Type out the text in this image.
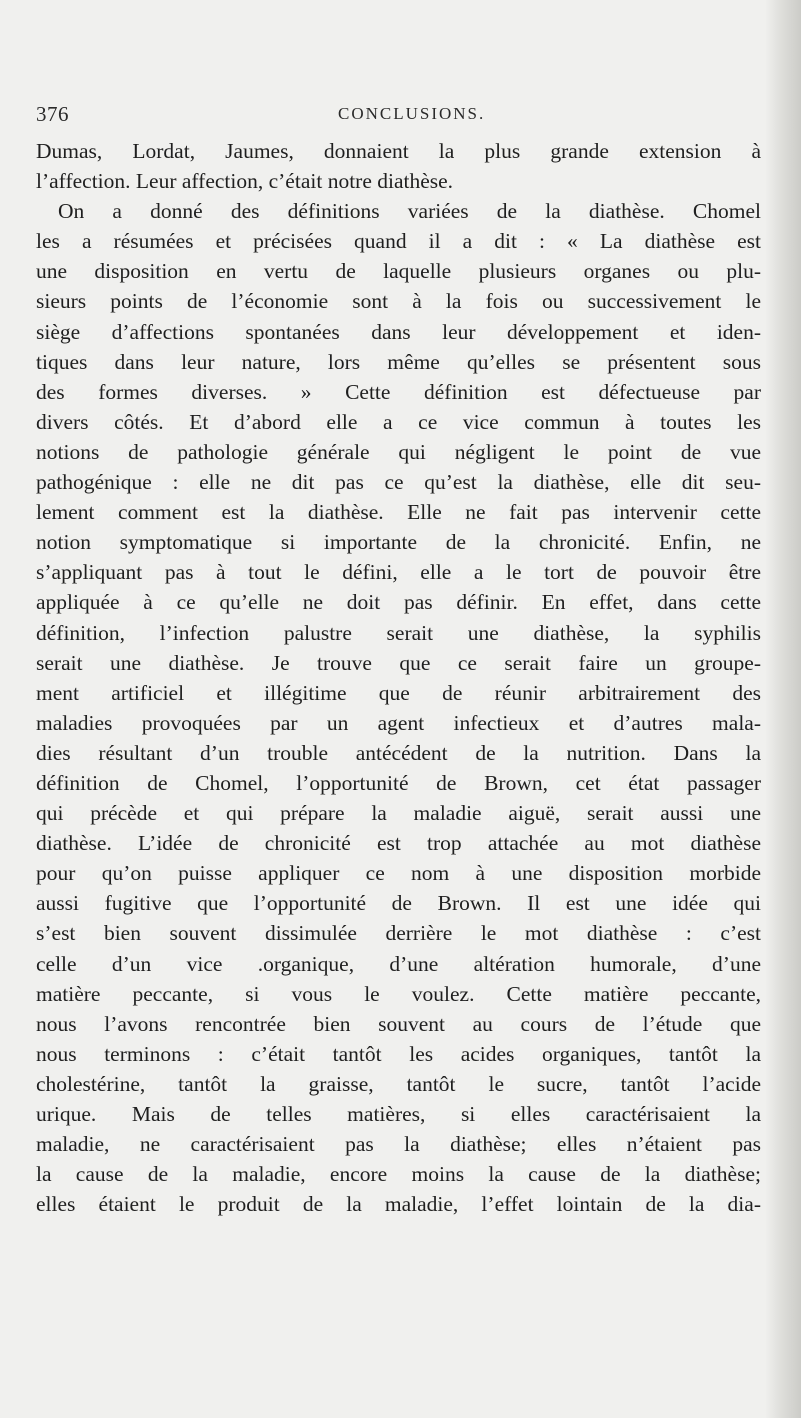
376	CONCLUSIONS.
Dumas, Lordat, Jaumes, donnaient la plus grande extension à
l’affection. Leur affection, c’était notre diathèse.
On a donné des définitions variées de la diathèse. Chomel
les a résumées et précisées quand il a dit : « La diathèse est
une disposition en vertu de laquelle plusieurs organes ou plu-
sieurs points de l’économie sont à la fois ou successivement le
siège d’affections spontanées dans leur développement et iden-
tiques dans leur nature, lors même qu’elles se présentent sous
des formes diverses. » Cette définition est défectueuse par
divers côtés. Et d’abord elle a ce vice commun à toutes les
notions de pathologie générale qui négligent le point de vue
pathogénique : elle ne dit pas ce qu’est la diathèse, elle dit seu-
lement comment est la diathèse. Elle ne fait pas intervenir cette
notion symptomatique si importante de la chronicité. Enfin, ne
s’appliquant pas à tout le défini, elle a le tort de pouvoir être
appliquée à ce qu’elle ne doit pas définir. En effet, dans cette
définition, l’infection palustre serait une diathèse, la syphilis
serait une diathèse. Je trouve que ce serait faire un groupe-
ment artificiel et illégitime que de réunir arbitrairement des
maladies provoquées par un agent infectieux et d’autres mala-
dies résultant d’un trouble antécédent de la nutrition. Dans la
définition de Chomel, l’opportunité de Brown, cet état passager
qui précède et qui prépare la maladie aiguë, serait aussi une
diathèse. L’idée de chronicité est trop attachée au mot diathèse
pour qu’on puisse appliquer ce nom à une disposition morbide
aussi fugitive que l’opportunité de Brown. Il est une idée qui
s’est bien souvent dissimulée derrière le mot diathèse : c’est
celle d’un vice .organique, d’une altération humorale, d’une
matière peccante, si vous le voulez. Cette matière peccante,
nous l’avons rencontrée bien souvent au cours de l’étude que
nous terminons : c’était tantôt les acides organiques, tantôt la
cholestérine, tantôt la graisse, tantôt le sucre, tantôt l’acide
urique. Mais de telles matières, si elles caractérisaient la
maladie, ne caractérisaient pas la diathèse; elles n’étaient pas
la cause de la maladie, encore moins la cause de la diathèse;
elles étaient le produit de la maladie, l’effet lointain de la dia-
